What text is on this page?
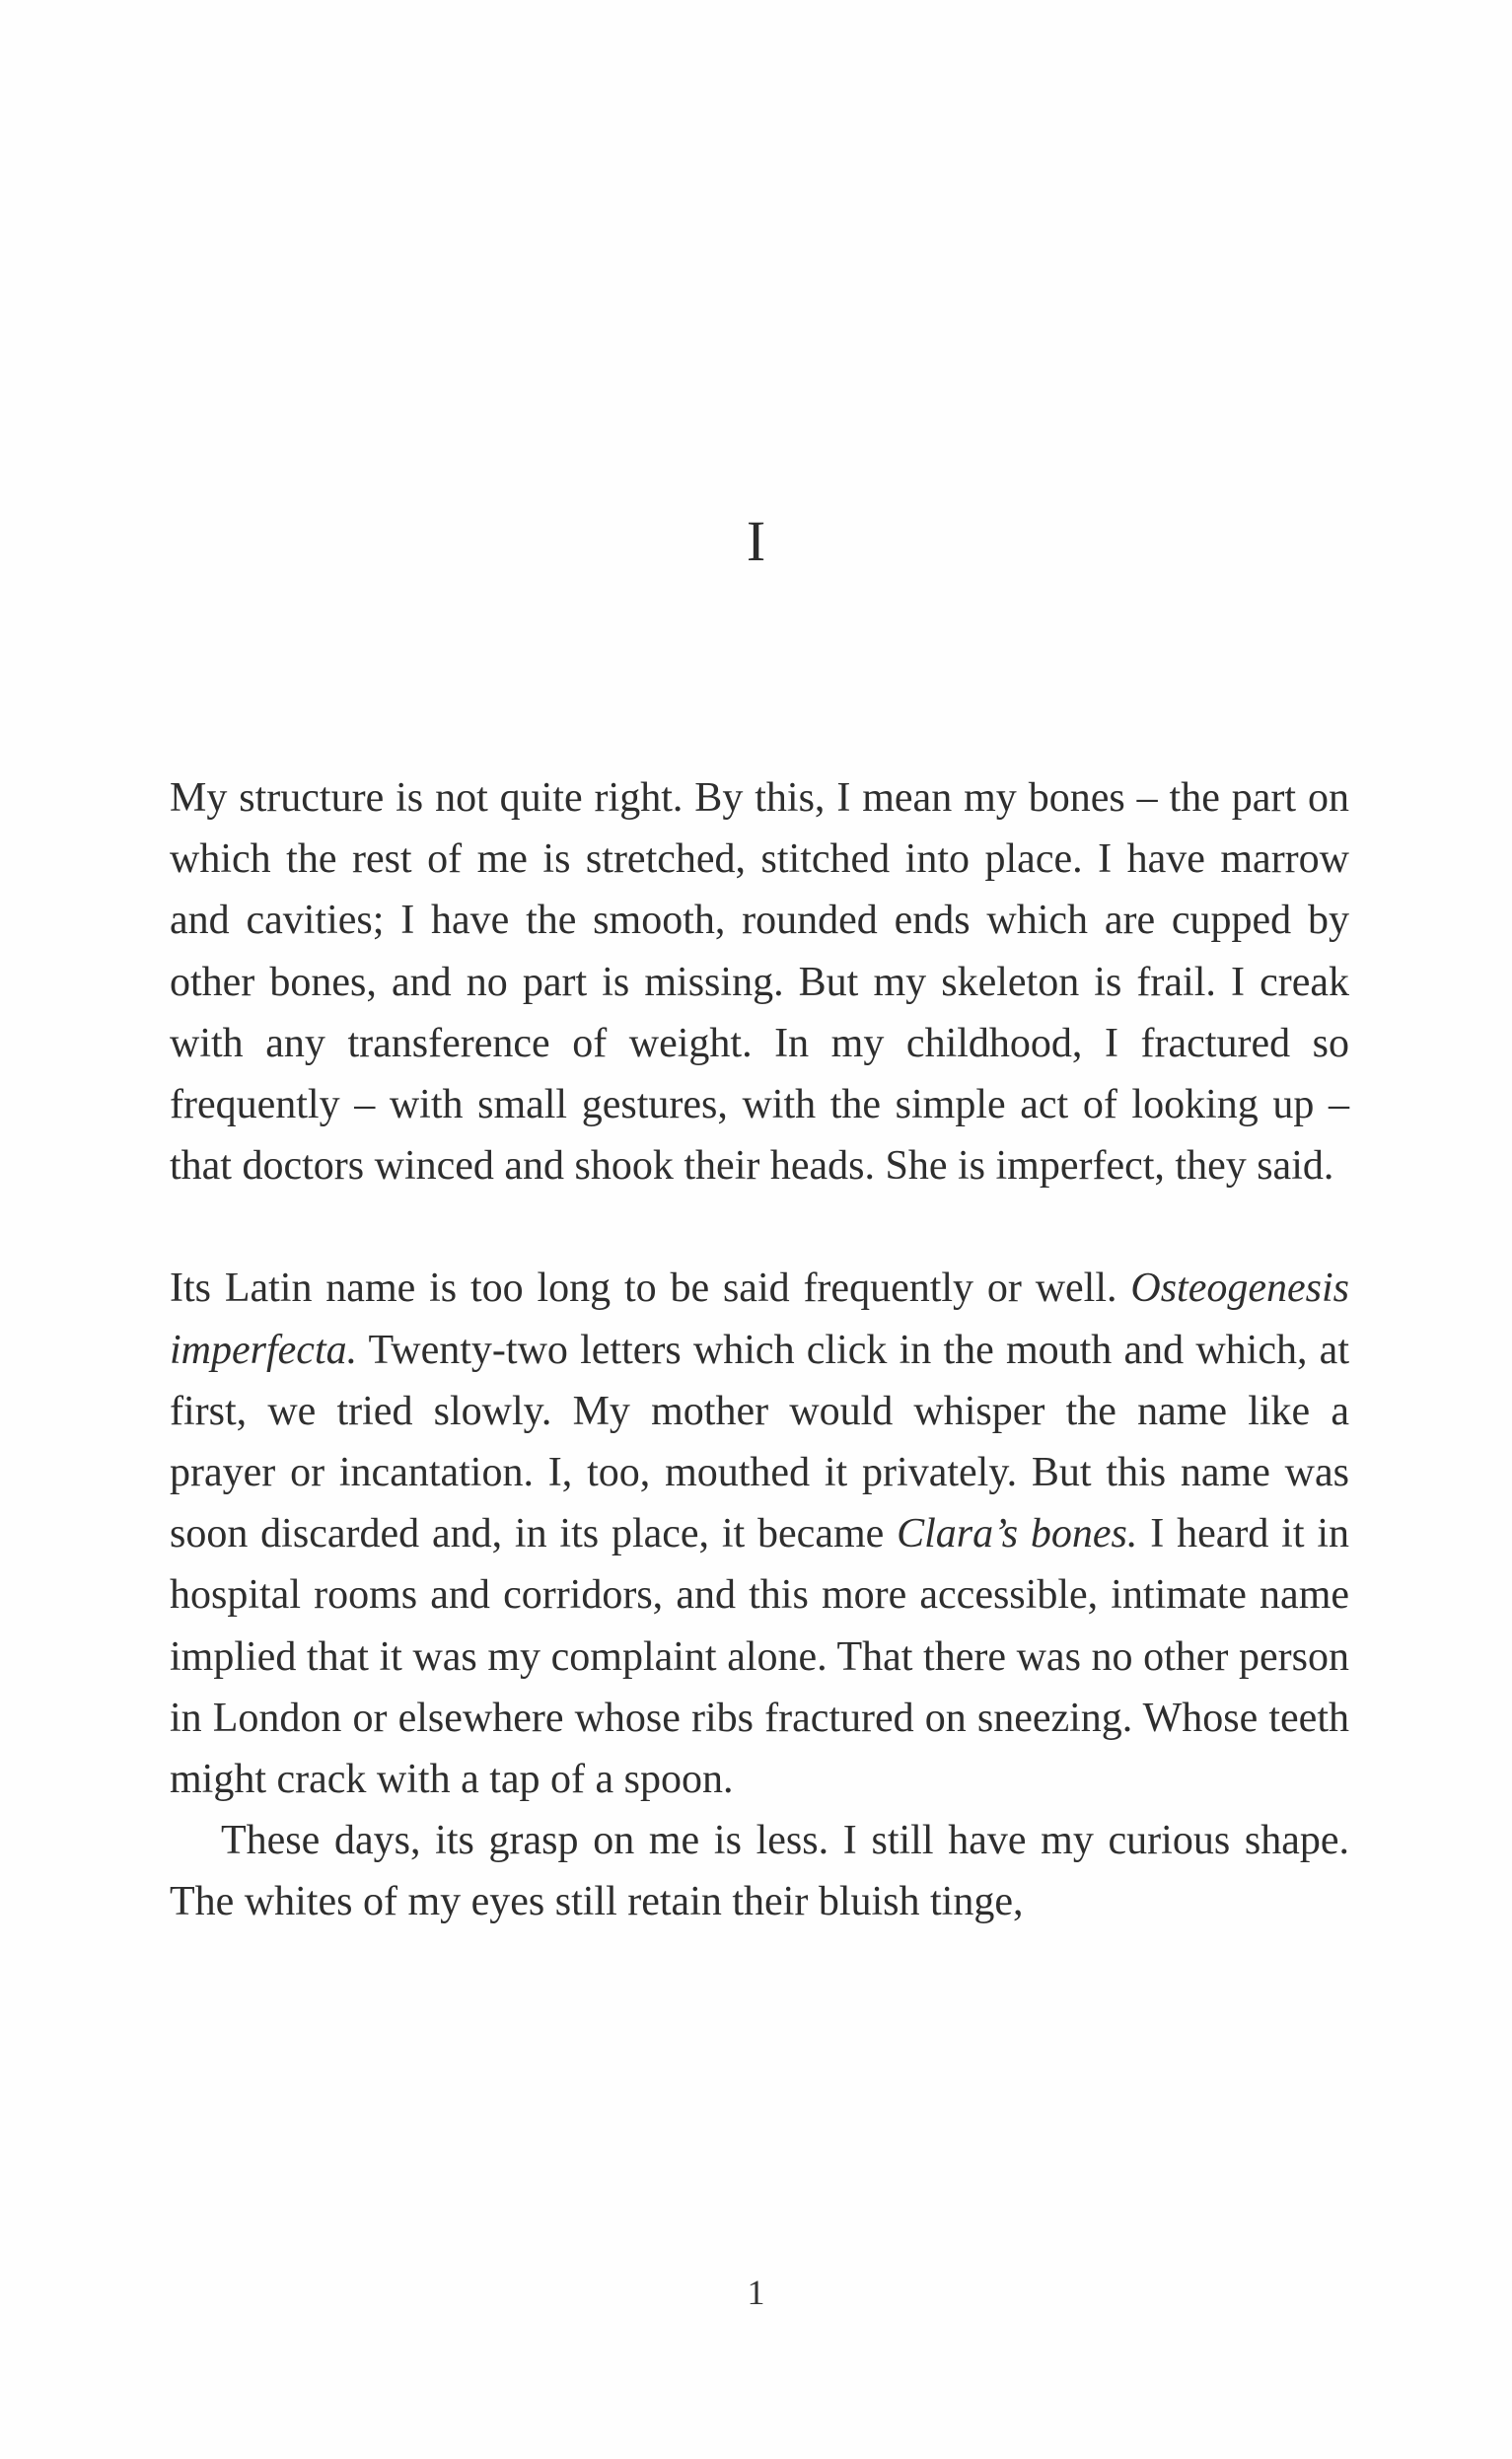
I

My structure is not quite right. By this, I mean my bones – the part on which the rest of me is stretched, stitched into place. I have marrow and cavities; I have the smooth, rounded ends which are cupped by other bones, and no part is missing. But my skeleton is frail. I creak with any transference of weight. In my childhood, I fractured so frequently – with small gestures, with the simple act of looking up – that doctors winced and shook their heads. She is imperfect, they said.

Its Latin name is too long to be said frequently or well. Osteogenesis imperfecta. Twenty-two letters which click in the mouth and which, at first, we tried slowly. My mother would whisper the name like a prayer or incantation. I, too, mouthed it privately. But this name was soon discarded and, in its place, it became Clara’s bones. I heard it in hospital rooms and corridors, and this more accessible, intimate name implied that it was my complaint alone. That there was no other person in London or elsewhere whose ribs fractured on sneezing. Whose teeth might crack with a tap of a spoon.

These days, its grasp on me is less. I still have my curious shape. The whites of my eyes still retain their bluish tinge,

1
